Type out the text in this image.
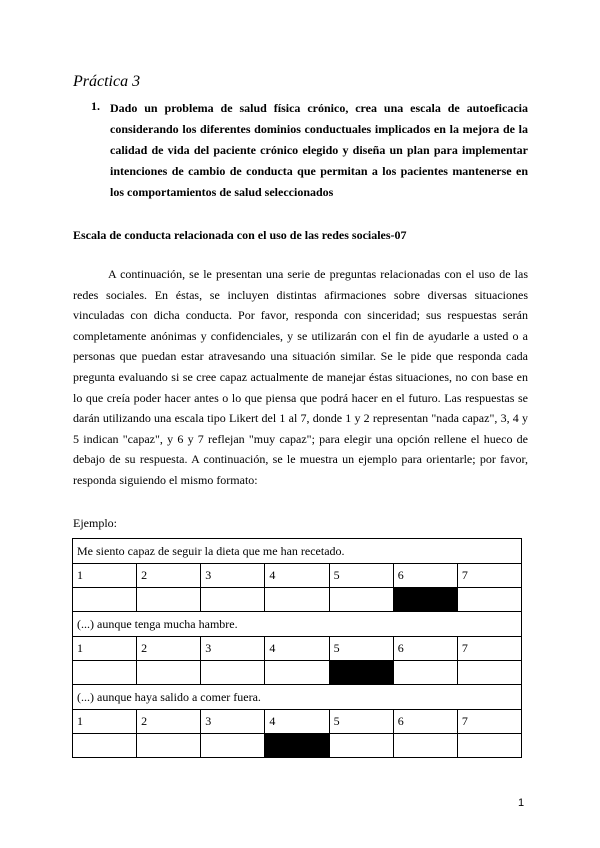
Práctica 3
1. Dado un problema de salud física crónico, crea una escala de autoeficacia considerando los diferentes dominios conductuales implicados en la mejora de la calidad de vida del paciente crónico elegido y diseña un plan para implementar intenciones de cambio de conducta que permitan a los pacientes mantenerse en los comportamientos de salud seleccionados
Escala de conducta relacionada con el uso de las redes sociales-07
A continuación, se le presentan una serie de preguntas relacionadas con el uso de las redes sociales. En éstas, se incluyen distintas afirmaciones sobre diversas situaciones vinculadas con dicha conducta. Por favor, responda con sinceridad; sus respuestas serán completamente anónimas y confidenciales, y se utilizarán con el fin de ayudarle a usted o a personas que puedan estar atravesando una situación similar. Se le pide que responda cada pregunta evaluando si se cree capaz actualmente de manejar éstas situaciones, no con base en lo que creía poder hacer antes o lo que piensa que podrá hacer en el futuro. Las respuestas se darán utilizando una escala tipo Likert del 1 al 7, donde 1 y 2 representan "nada capaz", 3, 4 y 5 indican "capaz", y 6 y 7 reflejan "muy capaz"; para elegir una opción rellene el hueco de debajo de su respuesta. A continuación, se le muestra un ejemplo para orientarle; por favor, responda siguiendo el mismo formato:
Ejemplo:
Me siento capaz de seguir la dieta que me han recetado.						
1	2	3	4	5	6	7

(...) aunque tenga mucha hambre.						
1	2	3	4	5	6	7

(...) aunque haya salido a comer fuera.						
1	2	3	4	5	6	7

1
